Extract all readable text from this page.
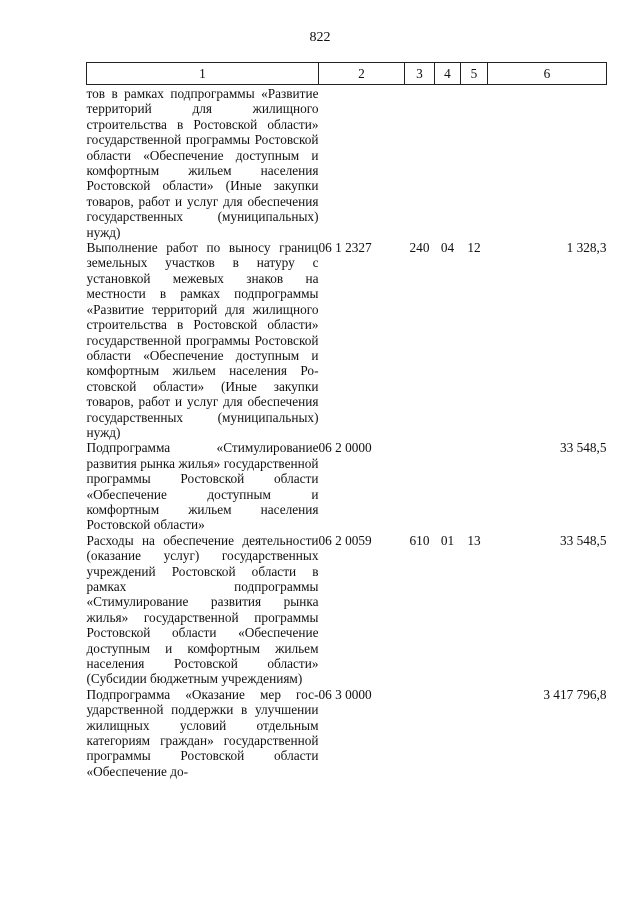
822
1	2	3	4	5	6
тов в рамках подпрограммы «Развитие территорий для жилищного строительства в Ростовской области» государственной программы Ростовской области «Обеспечение доступным и комфортным жильем населения Ростовской области» (Иные закупки товаров, работ и услуг для обеспечения государственных (муниципальных) нужд)					
Выполнение работ по выносу границ земельных участков в натуру с установкой межевых знаков на местности в рамках подпрограммы «Развитие территорий для жилищного строительства в Ростовской области» государственной программы Ростовской области «Обеспечение доступным и комфортным жильем населения Ростовской области» (Иные закупки товаров, работ и услуг для обеспечения государственных (муниципальных) нужд)	06 1 2327	240	04	12	1 328,3
Подпрограмма «Стимулирование развития рынка жилья» государственной программы Ростовской области «Обеспечение доступным и комфортным жильем населения Ростовской области»	06 2 0000				33 548,5
Расходы на обеспечение деятельности (оказание услуг) государственных учреждений Ростовской области в рамках подпрограммы «Стимулирование развития рынка жилья» государственной программы Ростовской области «Обеспечение доступным и комфортным жильем населения Ростовской области» (Субсидии бюджетным учреждениям)	06 2 0059	610	01	13	33 548,5
Подпрограмма «Оказание мер государственной поддержки в улучшении жилищных условий отдельным категориям граждан» государственной программы Ростовской области «Обеспечение до-	06 3 0000				3 417 796,8
